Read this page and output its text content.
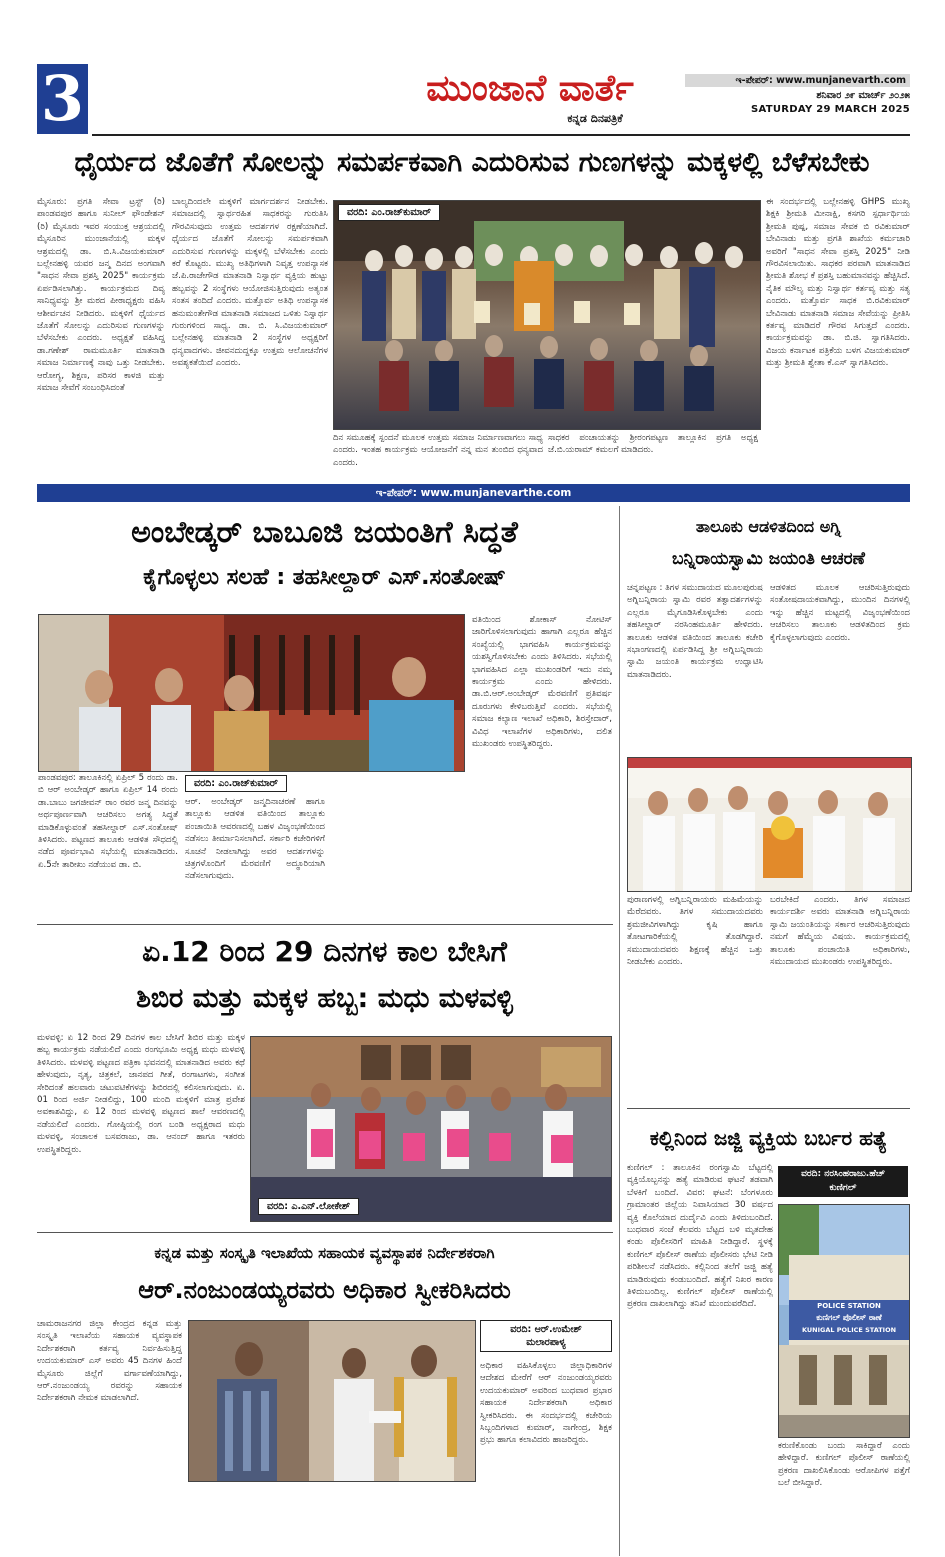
3	ಮುಂಜಾನೆ ವಾರ್ತೆ
ಕನ್ನಡ ದಿನಪತ್ರಿಕೆ
ಇ-ಪೇಪರ್: www.munjanevarth.com
ಶನಿವಾರ ೨೯ ಮಾರ್ಚ್ ೨೦೨೫
SATURDAY 29 MARCH 2025
ಧೈರ್ಯದ ಜೊತೆಗೆ ಸೋಲನ್ನು ಸಮರ್ಪಕವಾಗಿ ಎದುರಿಸುವ ಗುಣಗಳನ್ನು ಮಕ್ಕಳಲ್ಲಿ ಬೆಳೆಸಬೇಕು
ಮೈಸೂರು: ಪ್ರಗತಿ ಸೇವಾ ಟ್ರಸ್ಟ್ (ರಿ) ಪಾಂಡವಪುರ ಹಾಗೂ ಸುನೀಲ್ ಫೌಂಡೇಶನ್ (ರಿ) ಮೈಸೂರು ಇವರ ಸಂಯುಕ್ತ ಆಶ್ರಯದಲ್ಲಿ ಮೈಸೂರಿನ ಮುಂಜಾನೆಯಲ್ಲಿ ಮಕ್ಕಳ ಆಶ್ರಮದಲ್ಲಿ ಡಾ. ಬಿ.ಸಿ.ವಿಜಯಕುಮಾರ್ ಬಲ್ಲೇನಹಳ್ಳಿ ಯವರ ಜನ್ಮ ದಿನದ ಅಂಗವಾಗಿ "ಸಾಧನ ಸೇವಾ ಪ್ರಶಸ್ತಿ 2025" ಕಾರ್ಯಕ್ರಮ ಏರ್ಪಡಿಸಲಾಗಿತ್ತು. ಕಾರ್ಯಕ್ರಮದ ದಿವ್ಯ ಸಾನಿಧ್ಯವನ್ನು ಶ್ರೀ ಮಠದ ಪೀಠಾಧ್ಯಕ್ಷರು ವಹಿಸಿ ಆಶೀರ್ವಚನ ನೀಡಿದರು. ಮಕ್ಕಳಿಗೆ ಧೈರ್ಯದ ಜೊತೆಗೆ ಸೋಲನ್ನು ಎದುರಿಸುವ ಗುಣಗಳನ್ನು ಬೆಳೆಸಬೇಕು ಎಂದರು. ಅಧ್ಯಕ್ಷತೆ ವಹಿಸಿದ್ದ ಡಾ.ಗಣೇಶ್ ರಾಮಮೂರ್ತಿ ಮಾತನಾಡಿ ಸಮಾಜ ನಿರ್ಮಾಣಕ್ಕೆ ನಾವು ಒತ್ತು ನೀಡಬೇಕು. ಆರೋಗ್ಯ, ಶಿಕ್ಷಣ, ಪರಿಸರ ಕಾಳಜಿ ಮತ್ತು ಸಮಾಜ ಸೇವೆಗೆ ಸಂಬಂಧಿಸಿದಂತೆ
ಬಾಲ್ಯದಿಂದಲೇ ಮಕ್ಕಳಿಗೆ ಮಾರ್ಗದರ್ಶನ ನೀಡಬೇಕು. ಸಮಾಜದಲ್ಲಿ ಸ್ವಾರ್ಥರಹಿತ ಸಾಧಕರನ್ನು ಗುರುತಿಸಿ ಗೌರವಿಸುವುದು ಉತ್ತಮ ಆದರ್ಶಗಳ ರಕ್ಷಣೆಯಾಗಿದೆ. ಧೈರ್ಯದ ಜೊತೆಗೆ ಸೋಲನ್ನು ಸಮರ್ಪಕವಾಗಿ ಎದುರಿಸುವ ಗುಣಗಳನ್ನು ಮಕ್ಕಳಲ್ಲಿ ಬೆಳೆಸಬೇಕು ಎಂದು ಕರೆ ಕೊಟ್ಟರು. ಮುಖ್ಯ ಅತಿಥಿಗಳಾಗಿ ನಿವೃತ್ತ ಉಪನ್ಯಾಸಕ ಜೆ.ಪಿ.ರಾಜೇಗೌಡ ಮಾತನಾಡಿ ನಿಸ್ವಾರ್ಥ ವ್ಯಕ್ತಿಯ ಹುಟ್ಟು ಹಬ್ಬವನ್ನು 2 ಸಂಸ್ಥೆಗಳು ಆಯೋಜಿಸುತ್ತಿರುವುದು ಅತ್ಯಂತ ಸಂತಸ ತಂದಿದೆ ಎಂದರು. ಮತ್ತೊರ್ವ ಅತಿಥಿ ಉಪನ್ಯಾಸಕ ಹನುಮಂತೇಗೌಡ ಮಾತನಾಡಿ ಸಮಾಜದ ಒಳಿತು ನಿಸ್ವಾರ್ಥ ಗುರುಗಳಿಂದ ಸಾಧ್ಯ. ಡಾ. ಬಿ. ಸಿ.ವಿಜಯಕುಮಾರ್ ಬಲ್ಲೇನಹಳ್ಳಿ ಮಾತನಾಡಿ 2 ಸಂಸ್ಥೆಗಳ ಅಧ್ಯಕ್ಷರಿಗೆ ಧನ್ಯವಾದಗಳು. ಜೀವನದುದ್ದಕ್ಕೂ ಉತ್ತಮ ಆಲೋಚನೆಗಳ ಅವಶ್ಯಕತೆಯಿದೆ ಎಂದರು.
ವರದಿ: ಎಂ.ರಾಜ್‌ಕುಮಾರ್
ದಿನ ಸಮೂಹಕ್ಕೆ ಸ್ಪಂದನೆ ಮೂಲಕ ಉತ್ತಮ ಸಮಾಜ ನಿರ್ಮಾಣವಾಗಲು ಸಾಧ್ಯ ಎಂದರು. ಇಂತಹ ಕಾರ್ಯಕ್ರಮ ಆಯೋಜನೆಗೆ ನನ್ನ ಮನ ತುಂಬಿದ ಧನ್ಯವಾದ ಎಂದರು.
ಸಾಧಕರ ಪಂಚಾಯತನ್ನು ಶ್ರೀರಂಗಪಟ್ಟಣ ತಾಲ್ಲೂಕಿನ ಪ್ರಗತಿ ಅಧ್ಯಕ್ಷ ಜೆ.ಬಿ.ಯರಾಮ್ ಕಮಲಗೆ ಮಾಡಿದರು.
ಈ ಸಂದರ್ಭದಲ್ಲಿ ಬಲ್ಲೇನಹಳ್ಳಿ GHPS ಮುಖ್ಯ ಶಿಕ್ಷಕಿ ಶ್ರೀಮತಿ ಮೀನಾಕ್ಷಿ, ಕಸಗರಿ ಸ್ಪರ್ಧಾರ್ಥಿಯ ಶ್ರೀಮತಿ ಪುಷ್ಪ, ಸಮಾಜ ಸೇವಕ ಬಿ ರವಿಕುಮಾರ್ ಬೇವಿನಾಡು ಮತ್ತು ಪ್ರಗತಿ ಶಾಖೆಯ ಕರ್ಮಚಾರಿ ಅವರಿಗೆ "ಸಾಧನ ಸೇವಾ ಪ್ರಶಸ್ತಿ 2025" ನೀಡಿ ಗೌರವಿಸಲಾಯಿತು. ಸಾಧಕರ ಪರವಾಗಿ ಮಾತನಾಡಿದ ಶ್ರೀಮತಿ ಶೋಭ ಕೆ ಪ್ರಶಸ್ತಿ ಬಹುಮಾನವನ್ನು ಹೆಚ್ಚಿಸಿದೆ. ನೈತಿಕ ಮೌಲ್ಯ ಮತ್ತು ನಿಸ್ವಾರ್ಥ ಕರ್ತವ್ಯ ಮತ್ತು ಸತ್ಯ ಎಂದರು. ಮತ್ತೊರ್ವ ಸಾಧಕ ಬಿ.ರವಿಕುಮಾರ್ ಬೇವಿನಾಡು ಮಾತನಾಡಿ ಸಮಾಜ ಸೇವೆಯನ್ನು ಪ್ರೀತಿಸಿ ಕರ್ತವ್ಯ ಮಾಡಿದರೆ ಗೌರವ ಸಿಗುತ್ತದೆ ಎಂದರು. ಕಾರ್ಯಕ್ರಮವನ್ನು ಡಾ. ಬಿ.ಜಿ. ಸ್ವಾಗತಿಸಿದರು. ವಿಜಯ ಕರ್ನಾಟಕ ಪತ್ರಿಕೆಯ ಬಳಗ ವಿಜಯಕುಮಾರ್ ಮತ್ತು ಶ್ರೀಮತಿ ಶ್ವೇತಾ ಕೆ.ಎಸ್ ಸ್ವಾಗತಿಸಿದರು.
ಇ-ಪೇಪರ್: www.munjanevarthe.com
ಅಂಬೇಡ್ಕರ್ ಬಾಬೂಜಿ ಜಯಂತಿಗೆ ಸಿದ್ಧತೆ
ಕೈಗೊಳ್ಳಲು ಸಲಹೆ : ತಹಸೀಲ್ದಾರ್ ಎಸ್.ಸಂತೋಷ್
ವರದಿ: ಎಂ.ರಾಜ್‌ಕುಮಾರ್
ಪಾಂಡವಪುರ: ತಾಲೂಕಿನಲ್ಲಿ ಏಪ್ರಿಲ್ 5 ರಂದು ಡಾ. ಬಿ ಆರ್ ಅಂಬೇಡ್ಕರ್ ಹಾಗೂ ಏಪ್ರಿಲ್ 14 ರಂದು ಡಾ.ಬಾಬು ಜಗಜೀವನ್ ರಾಂ ರವರ ಜನ್ಮ ದಿನವನ್ನು ಅರ್ಥಪೂರ್ಣವಾಗಿ ಆಚರಿಸಲು ಅಗತ್ಯ ಸಿದ್ಧತೆ ಮಾಡಿಕೊಳ್ಳುವಂತೆ ತಹಸೀಲ್ದಾರ್ ಎಸ್.ಸಂತೋಷ್ ತಿಳಿಸಿದರು. ಪಟ್ಟಣದ ತಾಲೂಕು ಆಡಳಿತ ಸೌಧದಲ್ಲಿ ನಡೆದ ಪೂರ್ವಭಾವಿ ಸಭೆಯಲ್ಲಿ ಮಾತನಾಡಿದರು. ಏ.5ನೇ ತಾರೀಖು ನಡೆಯುವ ಡಾ. ಬಿ.
ಆರ್. ಅಂಬೇಡ್ಕರ್ ಜನ್ಮದಿನಾಚರಣೆ ಹಾಗೂ ತಾಲ್ಲೂಕು ಆಡಳಿತ ವತಿಯಿಂದ ತಾಲ್ಲೂಕು ಪಂಚಾಯಿತಿ ಆವರಣದಲ್ಲಿ ಬಹಳ ವಿಜೃಂಭಣೆಯಿಂದ ನಡೆಸಲು ತೀರ್ಮಾನಿಸಲಾಗಿದೆ. ಸರ್ಕಾರಿ ಕಚೇರಿಗಳಿಗೆ ಸೂಚನೆ ನೀಡಲಾಗಿದ್ದು ಅವರ ಆದರ್ಶಗಳನ್ನು ಚಿತ್ರಗಳೊಂದಿಗೆ ಮೆರವಣಿಗೆ ಅದ್ಧೂರಿಯಾಗಿ ನಡೆಸಲಾಗುವುದು.
ವತಿಯಿಂದ ಶೋಕಾಸ್ ನೋಟಿಸ್ ಜಾರಿಗೊಳಿಸಲಾಗುವುದು ಹಾಗಾಗಿ ಎಲ್ಲರೂ ಹೆಚ್ಚಿನ ಸಂಖ್ಯೆಯಲ್ಲಿ ಭಾಗವಹಿಸಿ ಕಾರ್ಯಕ್ರಮವನ್ನು ಯಶಸ್ವಿಗೊಳಿಸಬೇಕು ಎಂದು ತಿಳಿಸಿದರು. ಸಭೆಯಲ್ಲಿ ಭಾಗವಹಿಸಿದ ಎಲ್ಲಾ ಮುಖಂಡರಿಗೆ ಇದು ನಮ್ಮ ಕಾರ್ಯಕ್ರಮ ಎಂದು ಹೇಳಿದರು. ಡಾ.ಬಿ.ಆರ್.ಅಂಬೇಡ್ಕರ್ ಮೆರವಣಿಗೆ ಪ್ರತಿವರ್ಷ ದೂರುಗಳು ಕೇಳಿಬರುತ್ತಿವೆ ಎಂದರು. ಸಭೆಯಲ್ಲಿ ಸಮಾಜ ಕಲ್ಯಾಣ ಇಲಾಖೆ ಅಧಿಕಾರಿ, ಶಿರಸ್ತೇದಾರ್, ವಿವಿಧ ಇಲಾಖೆಗಳ ಅಧಿಕಾರಿಗಳು, ದಲಿತ ಮುಖಂಡರು ಉಪಸ್ಥಿತರಿದ್ದರು.
ತಾಲೂಕು ಆಡಳಿತದಿಂದ ಅಗ್ನಿ
ಬನ್ನಿರಾಯಸ್ವಾಮಿ ಜಯಂತಿ ಆಚರಣೆ
ಚನ್ನಪಟ್ಟಣ : ತಿಗಳ ಸಮುದಾಯದ ಮೂಲಪುರುಷ ಅಗ್ನಿಬನ್ನಿರಾಯ ಸ್ವಾಮಿ ರವರ ತತ್ವಾದರ್ಶಗಳನ್ನು ಎಲ್ಲರೂ ಮೈಗೂಡಿಸಿಕೊಳ್ಳಬೇಕು ಎಂದು ತಹಸೀಲ್ದಾರ್ ನರಸಿಂಹಮೂರ್ತಿ ಹೇಳಿದರು. ತಾಲೂಕು ಆಡಳಿತ ವತಿಯಿಂದ ತಾಲೂಕು ಕಚೇರಿ ಸಭಾಂಗಣದಲ್ಲಿ ಏರ್ಪಡಿಸಿದ್ದ ಶ್ರೀ ಅಗ್ನಿಬನ್ನಿರಾಯ ಸ್ವಾಮಿ ಜಯಂತಿ ಕಾರ್ಯಕ್ರಮ ಉದ್ಘಾಟಿಸಿ ಮಾತನಾಡಿದರು.
ಆಡಳಿತದ ಮೂಲಕ ಆಚರಿಸುತ್ತಿರುವುದು ಸಂತೋಷದಾಯಕವಾಗಿದ್ದು, ಮುಂದಿನ ದಿನಗಳಲ್ಲಿ ಇನ್ನು ಹೆಚ್ಚಿನ ಮಟ್ಟದಲ್ಲಿ ವಿಜೃಂಭಣೆಯಿಂದ ಆಚರಿಸಲು ತಾಲೂಕು ಆಡಳಿತದಿಂದ ಕ್ರಮ ಕೈಗೊಳ್ಳಲಾಗುವುದು ಎಂದರು.
ಪುರಾಣಗಳಲ್ಲಿ ಅಗ್ನಿಬನ್ನಿರಾಯರು ಮಹಿಮೆಯನ್ನು ಮೆರೆದವರು. ತಿಗಳ ಸಮುದಾಯದವರು ಶ್ರಮಜೀವಿಗಳಾಗಿದ್ದು ಕೃಷಿ ಹಾಗೂ ತೋಟಗಾರಿಕೆಯಲ್ಲಿ ತೊಡಗಿದ್ದಾರೆ. ಸಮುದಾಯದವರು ಶಿಕ್ಷಣಕ್ಕೆ ಹೆಚ್ಚಿನ ಒತ್ತು ನೀಡಬೇಕು ಎಂದರು.
ಬರಬೇಕಿದೆ ಎಂದರು. ತಿಗಳ ಸಮಾಜದ ಕಾರ್ಯದರ್ಶಿ ಅವರು ಮಾತನಾಡಿ ಅಗ್ನಿಬನ್ನಿರಾಯ ಸ್ವಾಮಿ ಜಯಂತಿಯನ್ನು ಸರ್ಕಾರ ಆಚರಿಸುತ್ತಿರುವುದು ನಮಗೆ ಹೆಮ್ಮೆಯ ವಿಷಯ. ಕಾರ್ಯಕ್ರಮದಲ್ಲಿ ತಾಲೂಕು ಪಂಚಾಯಿತಿ ಅಧಿಕಾರಿಗಳು, ಸಮುದಾಯದ ಮುಖಂಡರು ಉಪಸ್ಥಿತರಿದ್ದರು.
ಏ.12 ರಿಂದ 29 ದಿನಗಳ ಕಾಲ ಬೇಸಿಗೆ
ಶಿಬಿರ ಮತ್ತು ಮಕ್ಕಳ ಹಬ್ಬ: ಮಧು ಮಳವಳ್ಳಿ
ಮಳವಳ್ಳಿ: ಏ 12 ರಿಂದ 29 ದಿನಗಳ ಕಾಲ ಬೇಸಿಗೆ ಶಿಬಿರ ಮತ್ತು ಮಕ್ಕಳ ಹಬ್ಬ ಕಾರ್ಯಕ್ರಮ ನಡೆಯಲಿದೆ ಎಂದು ರಂಗಭೂಮಿ ಅಧ್ಯಕ್ಷ ಮಧು ಮಳವಳ್ಳಿ ತಿಳಿಸಿದರು. ಮಳವಳ್ಳಿ ಪಟ್ಟಣದ ಪತ್ರಿಕಾ ಭವನದಲ್ಲಿ ಮಾತನಾಡಿದ ಅವರು ಕಥೆ ಹೇಳುವುದು, ನೃತ್ಯ, ಚಿತ್ರಕಲೆ, ಜಾನಪದ ಗೀತೆ, ರಂಗಾಟಗಳು, ಸಂಗೀತ ಸೇರಿದಂತೆ ಹಲವಾರು ಚಟುವಟಿಕೆಗಳನ್ನು ಶಿಬಿರದಲ್ಲಿ ಕಲಿಸಲಾಗುವುದು. ಏ. 01 ರಿಂದ ಅರ್ಜಿ ನೀಡಲಿದ್ದು, 100 ಮಂದಿ ಮಕ್ಕಳಿಗೆ ಮಾತ್ರ ಪ್ರವೇಶ ಅವಕಾಶವಿದ್ದು, ಏ 12 ರಿಂದ ಮಳವಳ್ಳಿ ಪಟ್ಟಣದ ಶಾಲೆ ಆವರಣದಲ್ಲಿ ನಡೆಯಲಿದೆ ಎಂದರು. ಗೋಷ್ಠಿಯಲ್ಲಿ ರಂಗ ಬಂಡಿ ಅಧ್ಯಕ್ಷರಾದ ಮಧು ಮಳವಳ್ಳಿ, ಸಂಚಾಲಕ ಬಸವರಾಜು, ಡಾ. ಆನಂದ್ ಹಾಗೂ ಇತರರು ಉಪಸ್ಥಿತರಿದ್ದರು.
ವರದಿ: ಎ.ಎನ್.ಲೋಕೇಶ್
ಕನ್ನಡ ಮತ್ತು ಸಂಸ್ಕೃತಿ ಇಲಾಖೆಯ ಸಹಾಯಕ ವ್ಯವಸ್ಥಾಪಕ ನಿರ್ದೇಶಕರಾಗಿ
ಆರ್.ನಂಜುಂಡಯ್ಯರವರು ಅಧಿಕಾರ ಸ್ವೀಕರಿಸಿದರು
ಚಾಮರಾಜನಗರ ಜಿಲ್ಲಾ ಕೇಂದ್ರದ ಕನ್ನಡ ಮತ್ತು ಸಂಸ್ಕೃತಿ ಇಲಾಖೆಯ ಸಹಾಯಕ ವ್ಯವಸ್ಥಾಪಕ ನಿರ್ದೇಶಕರಾಗಿ ಕರ್ತವ್ಯ ನಿರ್ವಹಿಸುತ್ತಿದ್ದ ಉದಯಕುಮಾರ್ ಎಸ್ ಅವರು 45 ದಿನಗಳ ಹಿಂದೆ ಮೈಸೂರು ಜಿಲ್ಲೆಗೆ ವರ್ಗಾವಣೆಯಾಗಿದ್ದು, ಆರ್.ನಂಜುಂಡಯ್ಯ ರವರನ್ನು ಸಹಾಯಕ ನಿರ್ದೇಶಕರಾಗಿ ನೇಮಕ ಮಾಡಲಾಗಿದೆ.
ವರದಿ: ಆರ್.ಉಮೇಶ್ ಮಲಾರಪಾಳ್ಯ
ಅಧಿಕಾರ ವಹಿಸಿಕೊಳ್ಳಲು ಜಿಲ್ಲಾಧಿಕಾರಿಗಳ ಆದೇಶದ ಮೇರೆಗೆ ಆರ್ ನಂಜುಂಡಯ್ಯರವರು ಉದಯಕುಮಾರ್ ಅವರಿಂದ ಬುಧವಾರ ಪ್ರಭಾರ ಸಹಾಯಕ ನಿರ್ದೇಶಕರಾಗಿ ಅಧಿಕಾರ ಸ್ವೀಕರಿಸಿದರು. ಈ ಸಂದರ್ಭದಲ್ಲಿ ಕಚೇರಿಯ ಸಿಬ್ಬಂದಿಗಳಾದ ಕುಮಾರ್, ನಾಗೇಂದ್ರ, ಶಿಕ್ಷಕ ಪ್ರಭು ಹಾಗೂ ಕಲಾವಿದರು ಹಾಜರಿದ್ದರು.
ಕಲ್ಲಿನಿಂದ ಜಜ್ಜಿ ವ್ಯಕ್ತಿಯ ಬರ್ಬರ ಹತ್ಯೆ
ಕುಣಿಗಲ್ : ತಾಲೂಕಿನ ರಂಗಸ್ವಾಮಿ ಬೆಟ್ಟದಲ್ಲಿ ವ್ಯಕ್ತಿಯೊಬ್ಬನನ್ನು ಹತ್ಯೆ ಮಾಡಿರುವ ಘಟನೆ ತಡವಾಗಿ ಬೆಳಕಿಗೆ ಬಂದಿದೆ. ವಿವರ: ಘಟನೆ: ಬೆಂಗಳೂರು ಗ್ರಾಮಾಂತರ ಜಿಲ್ಲೆಯ ನಿವಾಸಿಯಾದ 30 ವರ್ಷದ ವ್ಯಕ್ತಿ ಕೊಲೆಯಾದ ದುರ್ದೈವಿ ಎಂದು ತಿಳಿದುಬಂದಿದೆ. ಬುಧವಾರ ಸಂಜೆ ಕೆಲವರು ಬೆಟ್ಟದ ಬಳಿ ಮೃತದೇಹ ಕಂಡು ಪೊಲೀಸರಿಗೆ ಮಾಹಿತಿ ನೀಡಿದ್ದಾರೆ. ಸ್ಥಳಕ್ಕೆ ಕುಣಿಗಲ್ ಪೊಲೀಸ್ ಠಾಣೆಯ ಪೊಲೀಸರು ಭೇಟಿ ನೀಡಿ ಪರಿಶೀಲನೆ ನಡೆಸಿದರು. ಕಲ್ಲಿನಿಂದ ತಲೆಗೆ ಜಜ್ಜಿ ಹತ್ಯೆ ಮಾಡಿರುವುದು ಕಂಡುಬಂದಿದೆ. ಹತ್ಯೆಗೆ ನಿಖರ ಕಾರಣ ತಿಳಿದುಬಂದಿಲ್ಲ. ಕುಣಿಗಲ್ ಪೊಲೀಸ್ ಠಾಣೆಯಲ್ಲಿ ಪ್ರಕರಣ ದಾಖಲಾಗಿದ್ದು ತನಿಖೆ ಮುಂದುವರೆದಿದೆ.
ವರದಿ: ನರಸಿಂಹರಾಜು.ಹೆಚ್
ಕುಣಿಗಲ್
POLICE STATION
ಕುಣಿಗಲ್ ಪೊಲೀಸ್ ಠಾಣೆ
KUNIGAL POLICE STATION
ಕರುಣಿಕೊಂಡು ಬಂದು ಸಾಕಿದ್ದಾರೆ ಎಂದು ಹೇಳಿದ್ದಾರೆ. ಕುಣಿಗಲ್ ಪೊಲೀಸ್ ಠಾಣೆಯಲ್ಲಿ ಪ್ರಕರಣ ದಾಖಲಿಸಿಕೊಂಡು ಆರೋಪಿಗಳ ಪತ್ತೆಗೆ ಬಲೆ ಬೀಸಿದ್ದಾರೆ.
